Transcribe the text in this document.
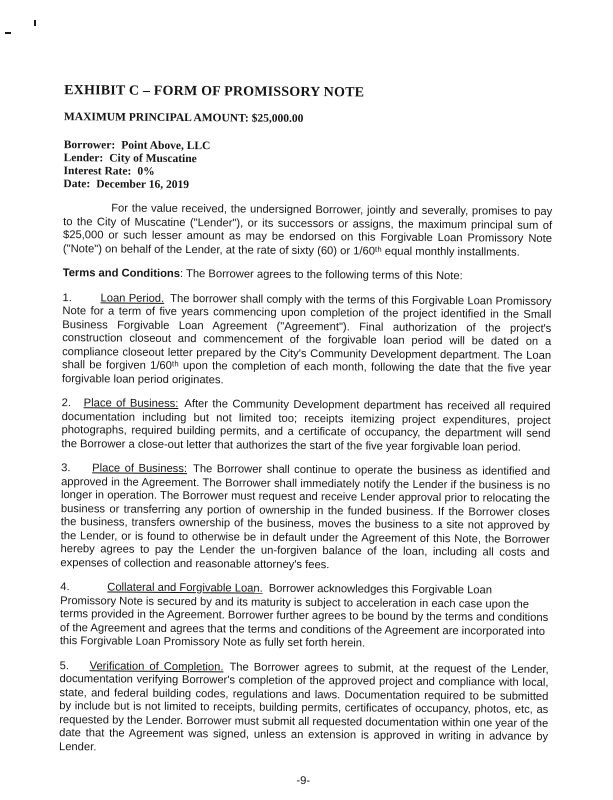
EXHIBIT C – FORM OF PROMISSORY NOTE

MAXIMUM PRINCIPAL AMOUNT: $25,000.00

Borrower: Point Above, LLC

Lender: City of Muscatine

Interest Rate: 0%

Date: December 16, 2019

For the value received, the undersigned Borrower, jointly and severally, promises to pay to the City of Muscatine ("Lender"), or its successors or assigns, the maximum principal sum of $25,000 or such lesser amount as may be endorsed on this Forgivable Loan Promissory Note ("Note") on behalf of the Lender, at the rate of sixty (60) or 1/60ᵗʰ equal monthly installments.

Terms and Conditions: The Borrower agrees to the following terms of this Note:

1.	Loan Period. The borrower shall comply with the terms of this Forgivable Loan Promissory Note for a term of five years commencing upon completion of the project identified in the Small Business Forgivable Loan Agreement ("Agreement"). Final authorization of the project's construction closeout and commencement of the forgivable loan period will be dated on a compliance closeout letter prepared by the City's Community Development department. The Loan shall be forgiven 1/60ᵗʰ upon the completion of each month, following the date that the five year forgivable loan period originates.

2. Place of Business: After the Community Development department has received all required documentation including but not limited too; receipts itemizing project expenditures, project photographs, required building permits, and a certificate of occupancy, the department will send the Borrower a close-out letter that authorizes the start of the five year forgivable loan period.

3. Place of Business: The Borrower shall continue to operate the business as identified and approved in the Agreement. The Borrower shall immediately notify the Lender if the business is no longer in operation. The Borrower must request and receive Lender approval prior to relocating the business or transferring any portion of ownership in the funded business. If the Borrower closes the business, transfers ownership of the business, moves the business to a site not approved by the Lender, or is found to otherwise be in default under the Agreement of this Note, the Borrower hereby agrees to pay the Lender the un-forgiven balance of the loan, including all costs and expenses of collection and reasonable attorney's fees.

4.	Collateral and Forgivable Loan. Borrower acknowledges this Forgivable Loan Promissory Note is secured by and its maturity is subject to acceleration in each case upon the terms provided in the Agreement. Borrower further agrees to be bound by the terms and conditions of the Agreement and agrees that the terms and conditions of the Agreement are incorporated into this Forgivable Loan Promissory Note as fully set forth herein.

5. Verification of Completion. The Borrower agrees to submit, at the request of the Lender, documentation verifying Borrower's completion of the approved project and compliance with local, state, and federal building codes, regulations and laws. Documentation required to be submitted by include but is not limited to receipts, building permits, certificates of occupancy, photos, etc, as requested by the Lender. Borrower must submit all requested documentation within one year of the date that the Agreement was signed, unless an extension is approved in writing in advance by Lender.

-9-
